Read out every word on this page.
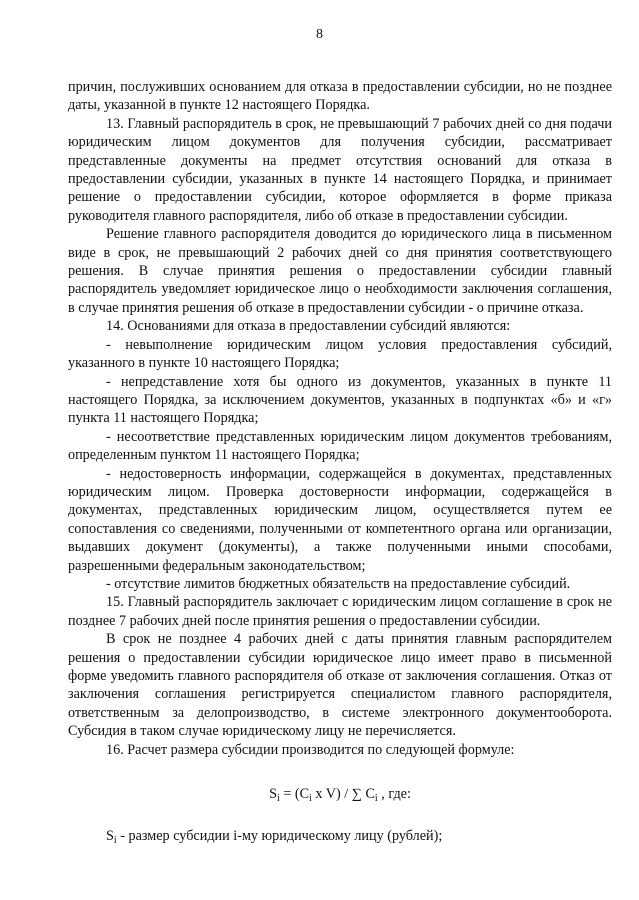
8

причин, послуживших основанием для отказа в предоставлении субсидии, но не позднее даты, указанной в пункте 12 настоящего Порядка.

13. Главный распорядитель в срок, не превышающий 7 рабочих дней со дня подачи юридическим лицом документов для получения субсидии, рассматривает представленные документы на предмет отсутствия оснований для отказа в предоставлении субсидии, указанных в пункте 14 настоящего Порядка, и принимает решение о предоставлении субсидии, которое оформляется в форме приказа руководителя главного распорядителя, либо об отказе в предоставлении субсидии.

Решение главного распорядителя доводится до юридического лица в письменном виде в срок, не превышающий 2 рабочих дней со дня принятия соответствующего решения. В случае принятия решения о предоставлении субсидии главный распорядитель уведомляет юридическое лицо о необходимости заключения соглашения, в случае принятия решения об отказе в предоставлении субсидии - о причине отказа.

14. Основаниями для отказа в предоставлении субсидий являются:

- невыполнение юридическим лицом условия предоставления субсидий, указанного в пункте 10 настоящего Порядка;

- непредставление хотя бы одного из документов, указанных в пункте 11 настоящего Порядка, за исключением документов, указанных в подпунктах «б» и «г» пункта 11 настоящего Порядка;

- несоответствие представленных юридическим лицом документов требованиям, определенным пунктом 11 настоящего Порядка;

- недостоверность информации, содержащейся в документах, представленных юридическим лицом. Проверка достоверности информации, содержащейся в документах, представленных юридическим лицом, осуществляется путем ее сопоставления со сведениями, полученными от компетентного органа или организации, выдавших документ (документы), а также полученными иными способами, разрешенными федеральным законодательством;

- отсутствие лимитов бюджетных обязательств на предоставление субсидий.

15. Главный распорядитель заключает с юридическим лицом соглашение в срок не позднее 7 рабочих дней после принятия решения о предоставлении субсидии.

В срок не позднее 4 рабочих дней с даты принятия главным распорядителем решения о предоставлении субсидии юридическое лицо имеет право в письменной форме уведомить главного распорядителя об отказе от заключения соглашения. Отказ от заключения соглашения регистрируется специалистом главного распорядителя, ответственным за делопроизводство, в системе электронного документооборота. Субсидия в таком случае юридическому лицу не перечисляется.

16. Расчет размера субсидии производится по следующей формуле:

$S_i = (C_i$ x V) / ∑ $C_i$ , где:

$S_i$ - размер субсидии i-му юридическому лицу (рублей);
